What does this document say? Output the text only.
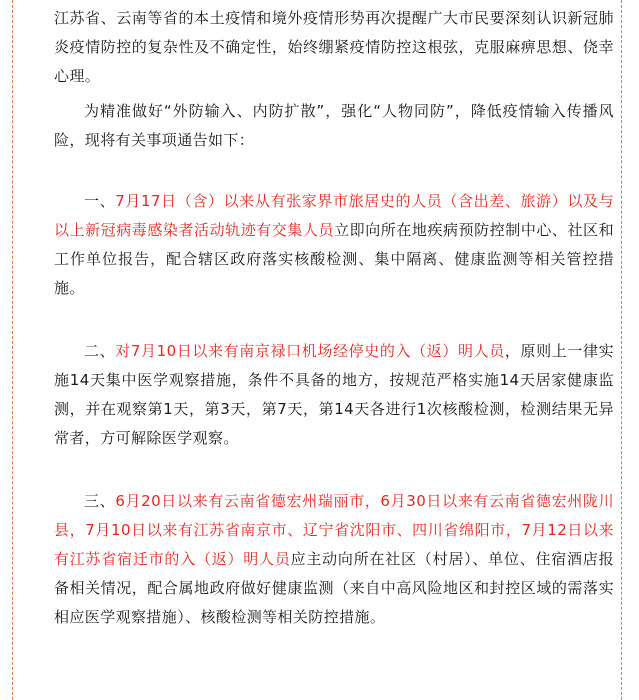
江苏省、云南等省的本土疫情和境外疫情形势再次提醒广大市民要深刻认识新冠肺炎疫情防控的复杂性及不确定性，始终绷紧疫情防控这根弦，克服麻痹思想、侥幸心理。

为精准做好“外防输入、内防扩散”，强化“人物同防”，降低疫情输入传播风险，现将有关事项通告如下：

一、7月17日（含）以来从有张家界市旅居史的人员（含出差、旅游）以及与以上新冠病毒感染者活动轨迹有交集人员立即向所在地疾病预防控制中心、社区和工作单位报告，配合辖区政府落实核酸检测、集中隔离、健康监测等相关管控措施。

二、对7月10日以来有南京禄口机场经停史的入（返）明人员，原则上一律实施14天集中医学观察措施，条件不具备的地方，按规范严格实施14天居家健康监测，并在观察第1天，第3天，第7天，第14天各进行1次核酸检测，检测结果无异常者，方可解除医学观察。

三、6月20日以来有云南省德宏州瑞丽市，6月30日以来有云南省德宏州陇川县，7月10日以来有江苏省南京市、辽宁省沈阳市、四川省绵阳市，7月12日以来有江苏省宿迁市的入（返）明人员应主动向所在社区（村居）、单位、住宿酒店报备相关情况，配合属地政府做好健康监测（来自中高风险地区和封控区域的需落实相应医学观察措施）、核酸检测等相关防控措施。
